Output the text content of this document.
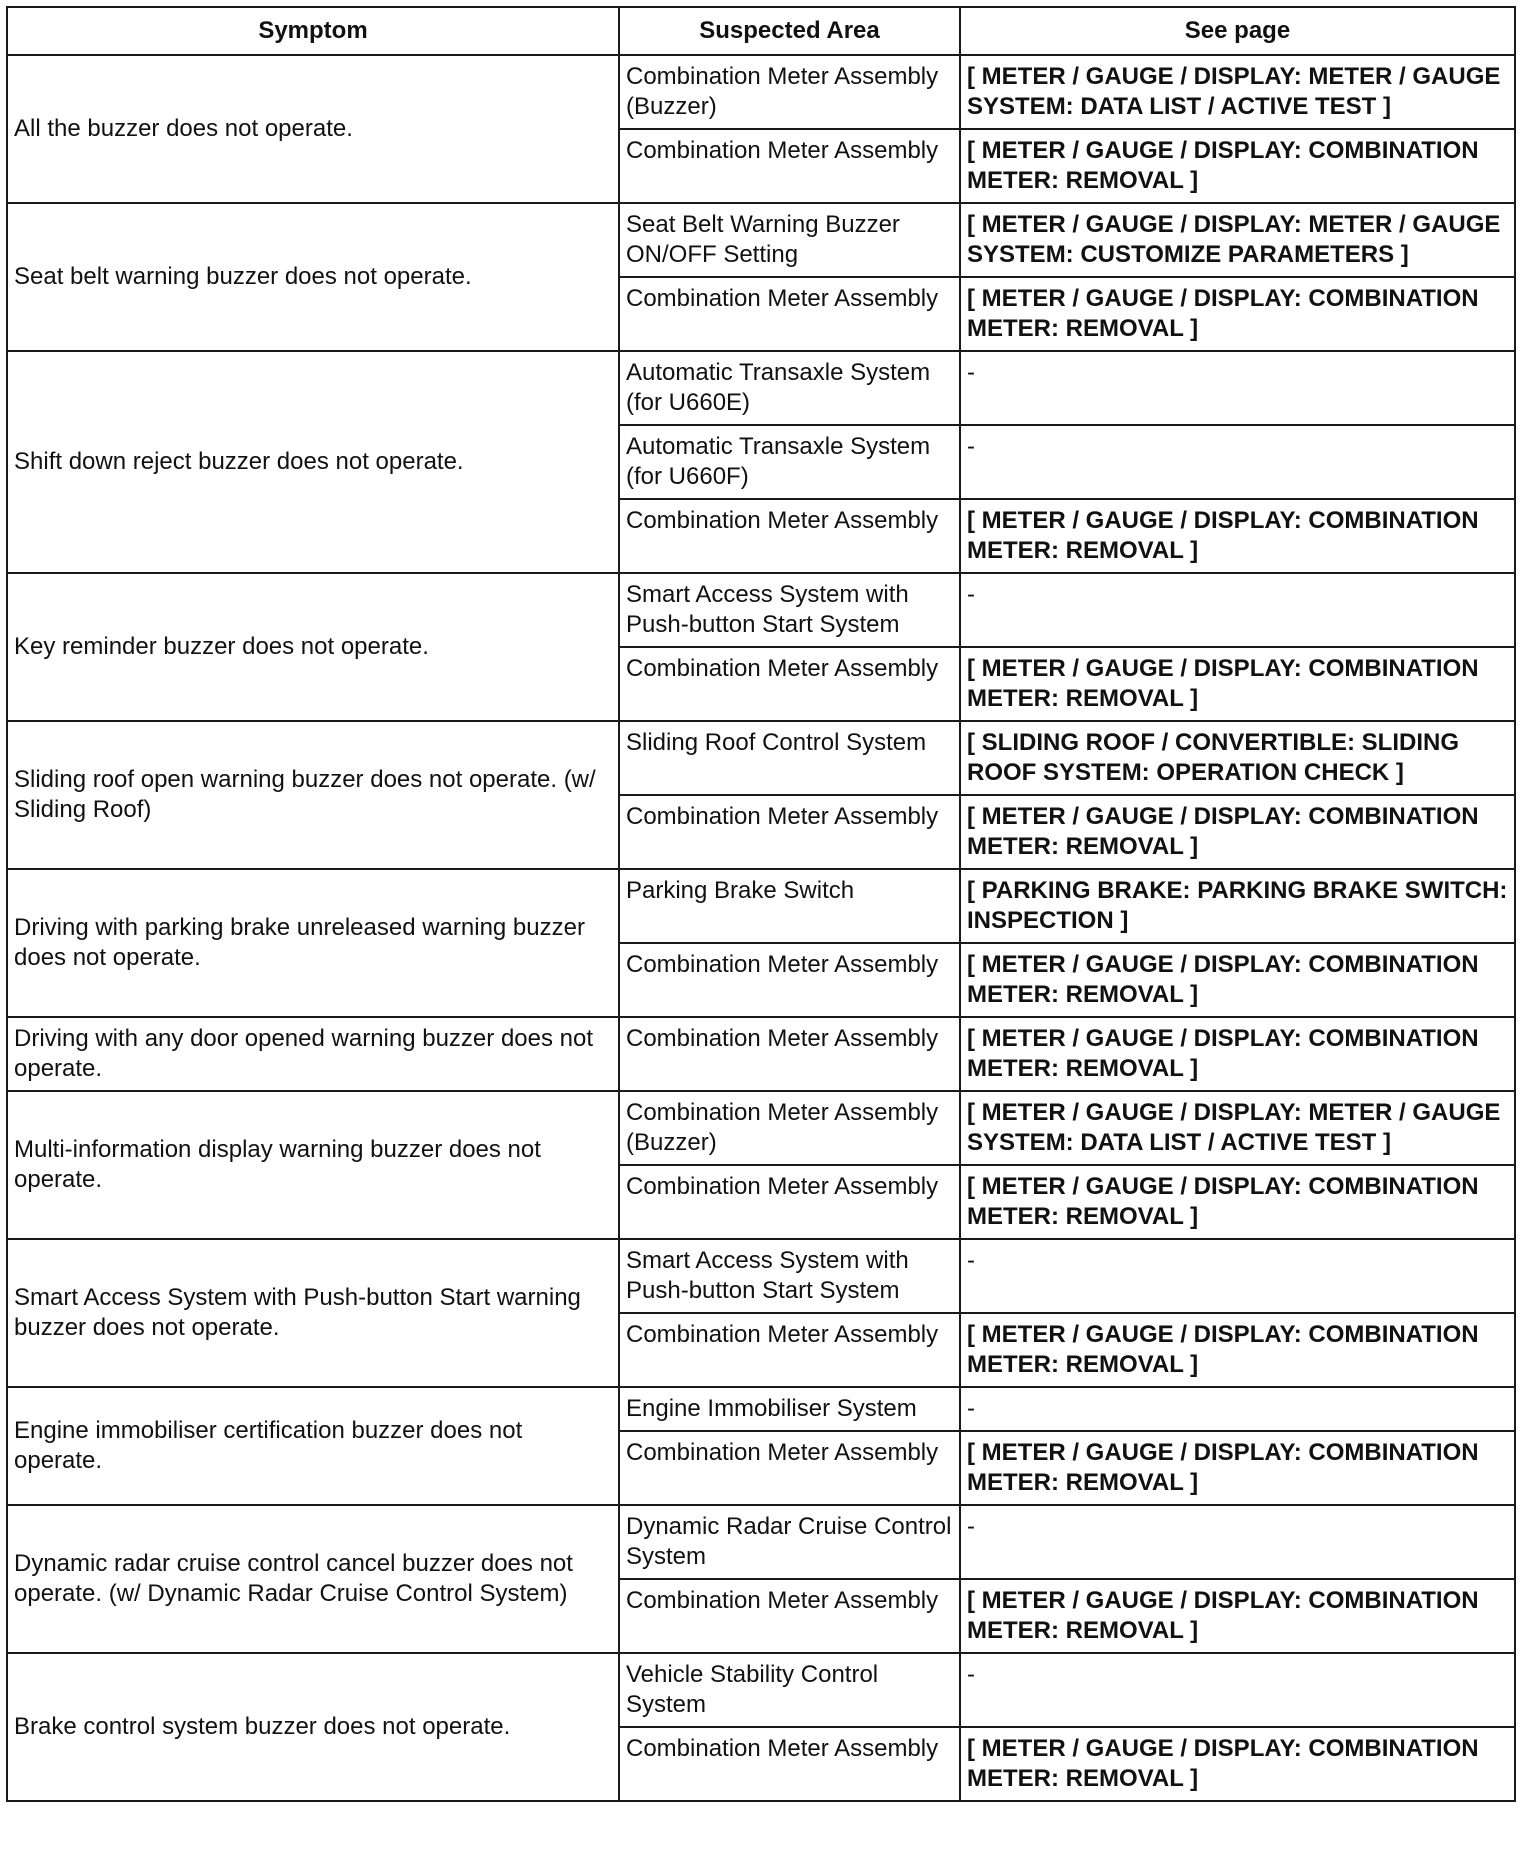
Symptom	Suspected Area	See page
All the buzzer does not operate.	Combination Meter Assembly (Buzzer)	[ METER / GAUGE / DISPLAY: METER / GAUGE SYSTEM: DATA LIST / ACTIVE TEST ]
	Combination Meter Assembly	[ METER / GAUGE / DISPLAY: COMBINATION METER: REMOVAL ]
Seat belt warning buzzer does not operate.	Seat Belt Warning Buzzer ON/OFF Setting	[ METER / GAUGE / DISPLAY: METER / GAUGE SYSTEM: CUSTOMIZE PARAMETERS ]
	Combination Meter Assembly	[ METER / GAUGE / DISPLAY: COMBINATION METER: REMOVAL ]
Shift down reject buzzer does not operate.	Automatic Transaxle System (for U660E)	-
	Automatic Transaxle System (for U660F)	-
	Combination Meter Assembly	[ METER / GAUGE / DISPLAY: COMBINATION METER: REMOVAL ]
Key reminder buzzer does not operate.	Smart Access System with Push-button Start System	-
	Combination Meter Assembly	[ METER / GAUGE / DISPLAY: COMBINATION METER: REMOVAL ]
Sliding roof open warning buzzer does not operate. (w/ Sliding Roof)	Sliding Roof Control System	[ SLIDING ROOF / CONVERTIBLE: SLIDING ROOF SYSTEM: OPERATION CHECK ]
	Combination Meter Assembly	[ METER / GAUGE / DISPLAY: COMBINATION METER: REMOVAL ]
Driving with parking brake unreleased warning buzzer does not operate.	Parking Brake Switch	[ PARKING BRAKE: PARKING BRAKE SWITCH: INSPECTION ]
	Combination Meter Assembly	[ METER / GAUGE / DISPLAY: COMBINATION METER: REMOVAL ]
Driving with any door opened warning buzzer does not operate.	Combination Meter Assembly	[ METER / GAUGE / DISPLAY: COMBINATION METER: REMOVAL ]
Multi-information display warning buzzer does not operate.	Combination Meter Assembly (Buzzer)	[ METER / GAUGE / DISPLAY: METER / GAUGE SYSTEM: DATA LIST / ACTIVE TEST ]
	Combination Meter Assembly	[ METER / GAUGE / DISPLAY: COMBINATION METER: REMOVAL ]
Smart Access System with Push-button Start warning buzzer does not operate.	Smart Access System with Push-button Start System	-
	Combination Meter Assembly	[ METER / GAUGE / DISPLAY: COMBINATION METER: REMOVAL ]
Engine immobiliser certification buzzer does not operate.	Engine Immobiliser System	-
	Combination Meter Assembly	[ METER / GAUGE / DISPLAY: COMBINATION METER: REMOVAL ]
Dynamic radar cruise control cancel buzzer does not operate. (w/ Dynamic Radar Cruise Control System)	Dynamic Radar Cruise Control System	-
	Combination Meter Assembly	[ METER / GAUGE / DISPLAY: COMBINATION METER: REMOVAL ]
Brake control system buzzer does not operate.	Vehicle Stability Control System	-
	Combination Meter Assembly	[ METER / GAUGE / DISPLAY: COMBINATION METER: REMOVAL ]
